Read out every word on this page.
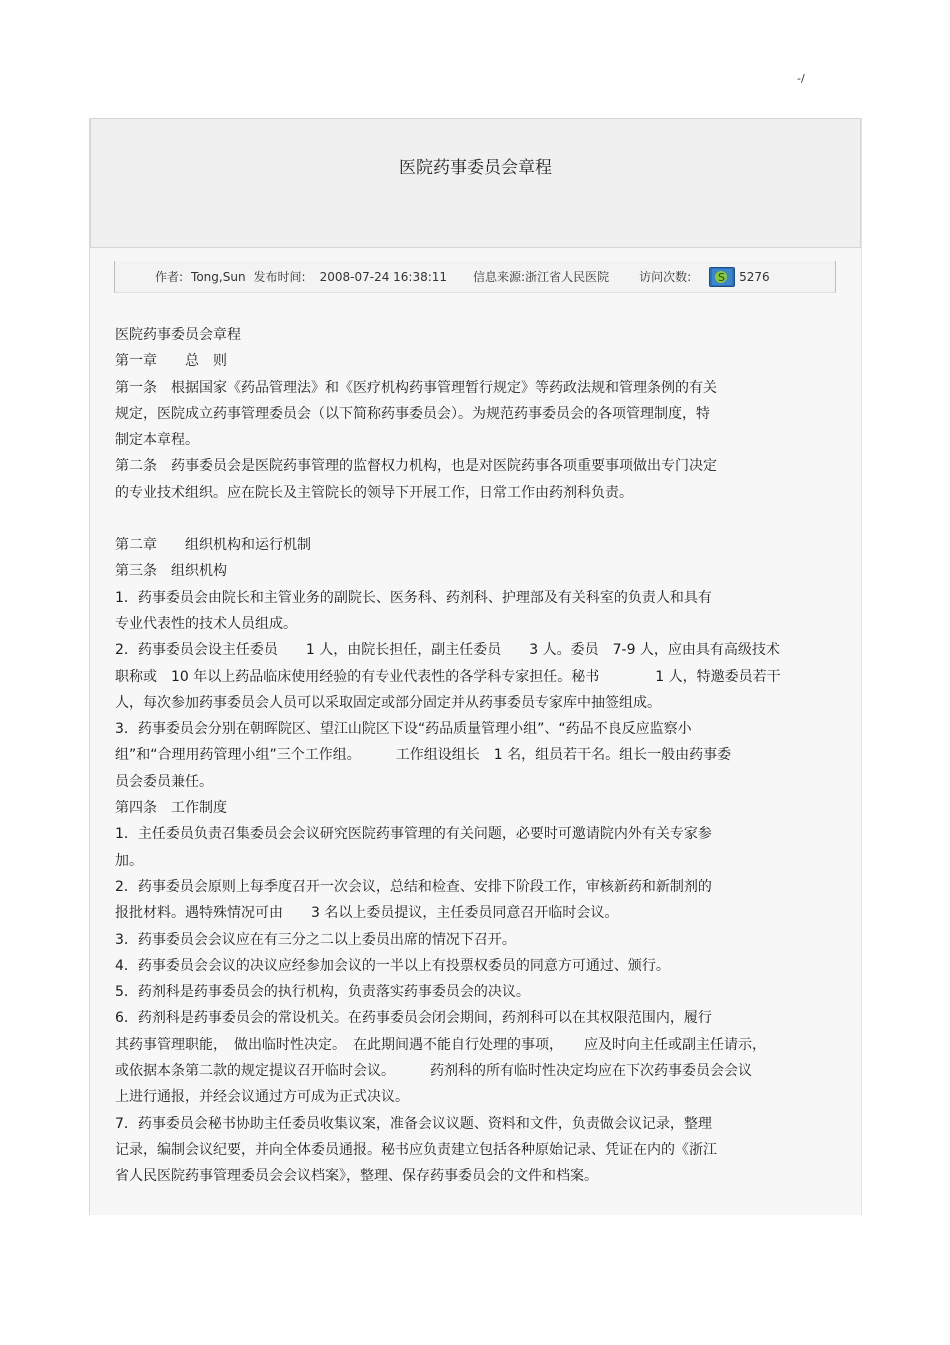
-/
医院药事委员会章程
作者: Tong,Sun 发布时间: 2008-07-24 16:38:11 信息来源: 浙江省人民医院	访问次数: S 5276

医院药事委员会章程

第一章　　总　则

第一条　根据国家《药品管理法》和《医疗机构药事管理暂行规定》等药政法规和管理条例的有关

规定，医院成立药事管理委员会（以下简称药事委员会）。为规范药事委员会的各项管理制度，特

制定本章程。

第二条　药事委员会是医院药事管理的监督权力机构，也是对医院药事各项重要事项做出专门决定

的专业技术组织。应在院长及主管院长的领导下开展工作，日常工作由药剂科负责。

第二章　　组织机构和运行机制

第三条　组织机构

1．药事委员会由院长和主管业务的副院长、医务科、药剂科、护理部及有关科室的负责人和具有

专业代表性的技术人员组成。

2．药事委员会设主任委员　　1 人，由院长担任，副主任委员　　3 人。委员　7-9 人，应由具有高级技术

职称或　10 年以上药品临床使用经验的有专业代表性的各学科专家担任。秘书　　　　1 人，特邀委员若干

人，每次参加药事委员会人员可以采取固定或部分固定并从药事委员专家库中抽签组成。

3．药事委员会分别在朝晖院区、望江山院区下设“药品质量管理小组”、“药品不良反应监察小

组”和“合理用药管理小组”三个工作组。　　　工作组设组长　1 名，组员若干名。组长一般由药事委

员会委员兼任。

第四条　工作制度

1．主任委员负责召集委员会会议研究医院药事管理的有关问题，必要时可邀请院内外有关专家参

加。

2．药事委员会原则上每季度召开一次会议，总结和检查、安排下阶段工作，审核新药和新制剂的

报批材料。遇特殊情况可由　　3 名以上委员提议，主任委员同意召开临时会议。

3．药事委员会会议应在有三分之二以上委员出席的情况下召开。

4．药事委员会会议的决议应经参加会议的一半以上有投票权委员的同意方可通过、颁行。

5．药剂科是药事委员会的执行机构，负责落实药事委员会的决议。

6．药剂科是药事委员会的常设机关。在药事委员会闭会期间，药剂科可以在其权限范围内，履行

其药事管理职能，　做出临时性决定。　在此期间遇不能自行处理的事项，　　应及时向主任或副主任请示，

或依据本条第二款的规定提议召开临时会议。　　　药剂科的所有临时性决定均应在下次药事委员会会议

上进行通报，并经会议通过方可成为正式决议。

7．药事委员会秘书协助主任委员收集议案，准备会议议题、资料和文件，负责做会议记录，整理

记录，编制会议纪要，并向全体委员通报。秘书应负责建立包括各种原始记录、凭证在内的《浙江

省人民医院药事管理委员会会议档案》，整理、保存药事委员会的文件和档案。
